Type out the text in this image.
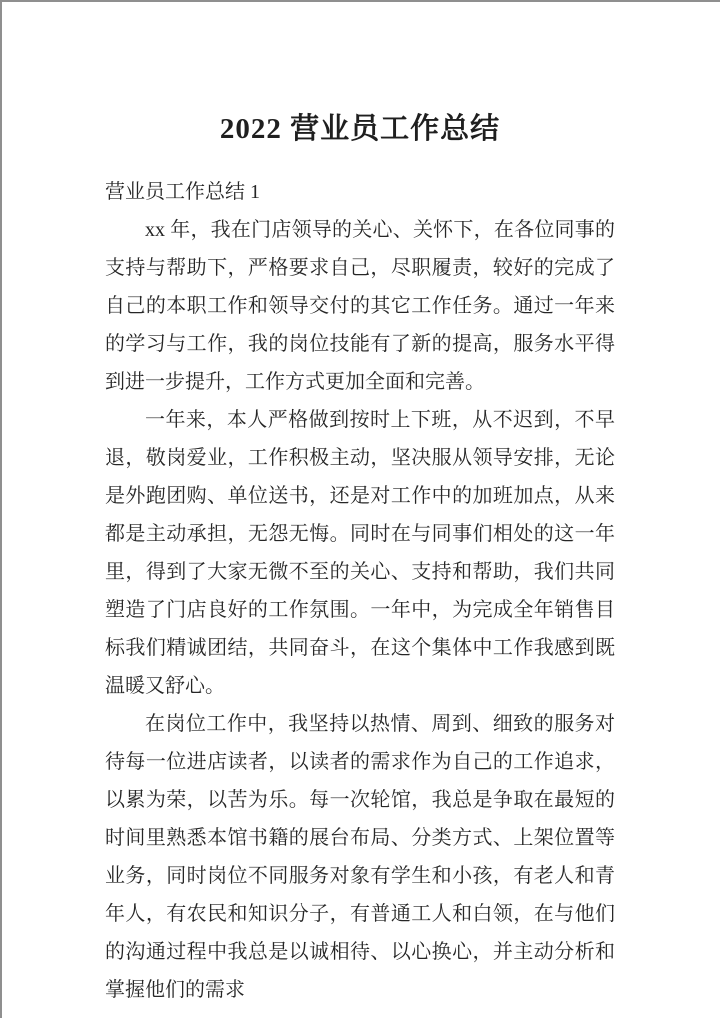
2022 营业员工作总结

营业员工作总结 1

xx 年，我在门店领导的关心、关怀下，在各位同事的支持与帮助下，严格要求自己，尽职履责，较好的完成了自己的本职工作和领导交付的其它工作任务。通过一年来的学习与工作，我的岗位技能有了新的提高，服务水平得到进一步提升，工作方式更加全面和完善。

一年来，本人严格做到按时上下班，从不迟到，不早退，敬岗爱业，工作积极主动，坚决服从领导安排，无论是外跑团购、单位送书，还是对工作中的加班加点，从来都是主动承担，无怨无悔。同时在与同事们相处的这一年里，得到了大家无微不至的关心、支持和帮助，我们共同塑造了门店良好的工作氛围。一年中，为完成全年销售目标我们精诚团结，共同奋斗，在这个集体中工作我感到既温暖又舒心。

在岗位工作中，我坚持以热情、周到、细致的服务对待每一位进店读者，以读者的需求作为自己的工作追求，以累为荣，以苦为乐。每一次轮馆，我总是争取在最短的时间里熟悉本馆书籍的展台布局、分类方式、上架位置等业务，同时岗位不同服务对象有学生和小孩，有老人和青年人，有农民和知识分子，有普通工人和白领，在与他们的沟通过程中我总是以诚相待、以心换心，并主动分析和掌握他们的需求
